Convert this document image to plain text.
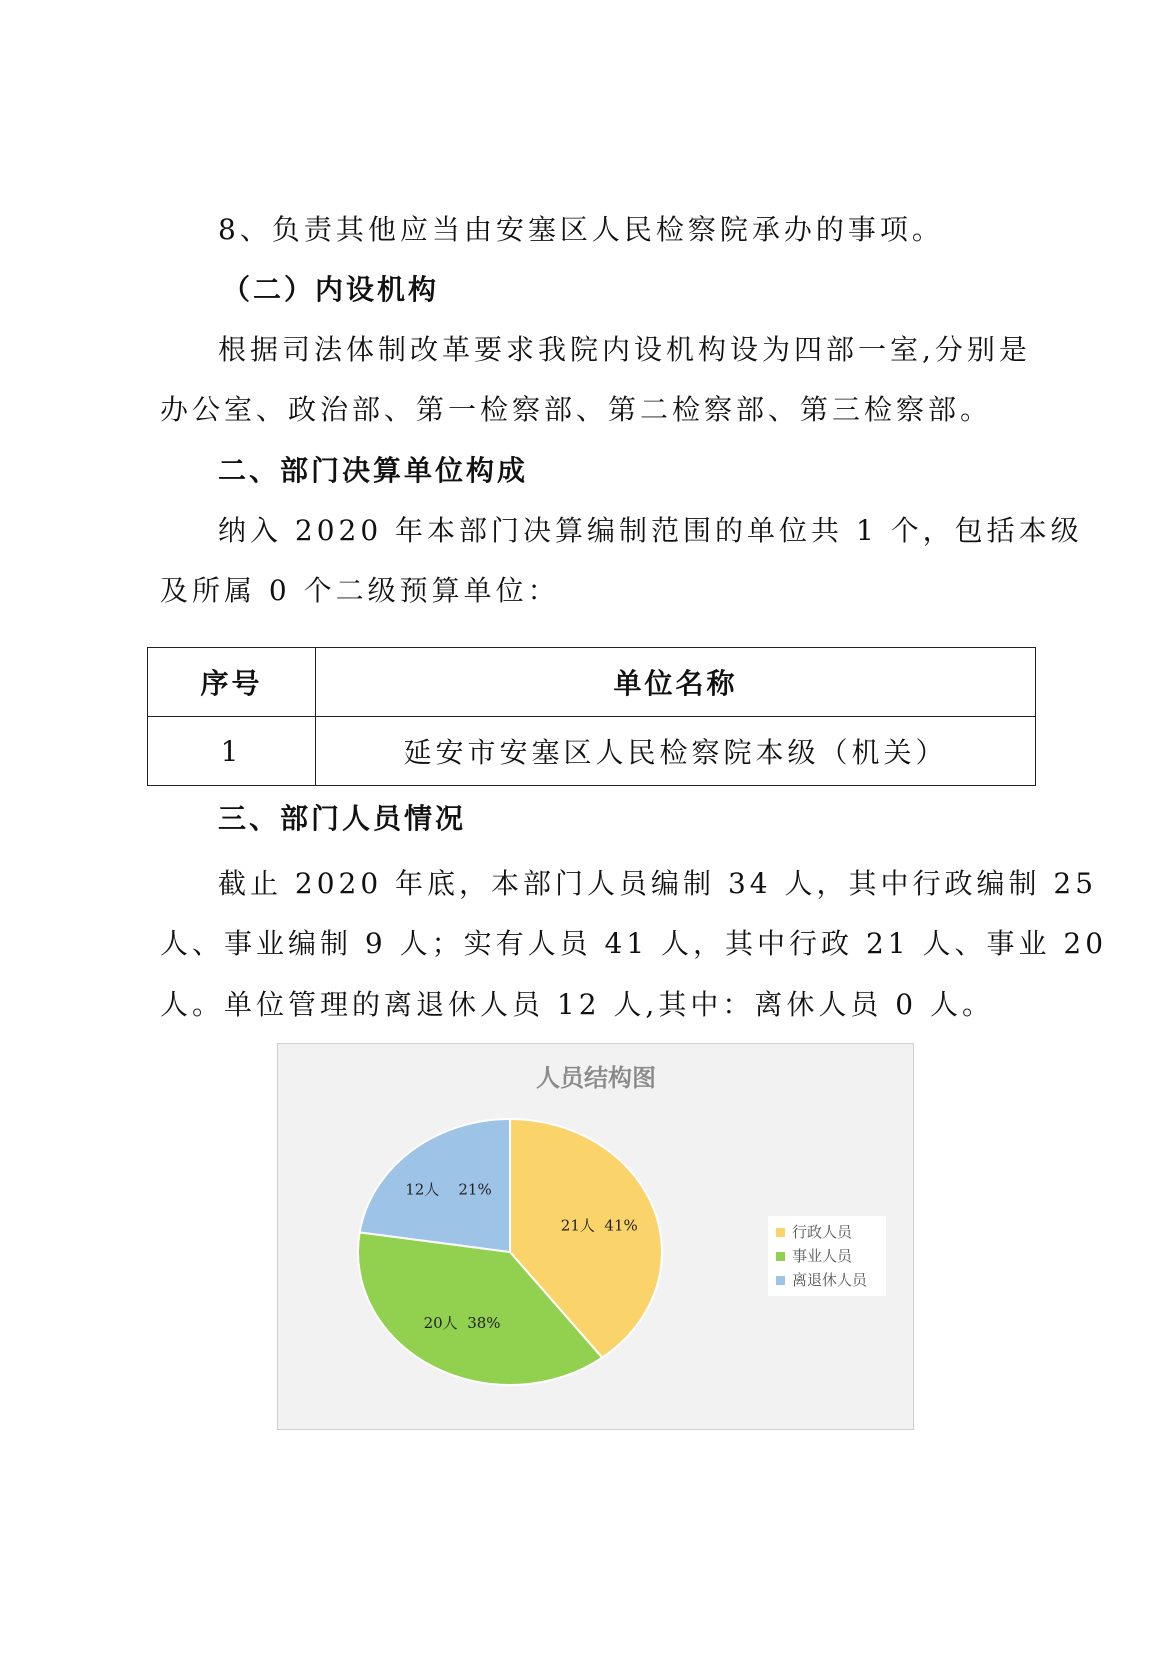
8、负责其他应当由安塞区人民检察院承办的事项。
（二）内设机构
根据司法体制改革要求我院内设机构设为四部一室,分别是
办公室、政治部、第一检察部、第二检察部、第三检察部。
二、部门决算单位构成
纳入 2020 年本部门决算编制范围的单位共 1 个，包括本级
及所属 0 个二级预算单位：
序号	单位名称
1	延安市安塞区人民检察院本级（机关）
三、部门人员情况
截止 2020 年底，本部门人员编制 34 人，其中行政编制 25
人、事业编制 9 人；实有人员 41 人，其中行政 21 人、事业 20
人。单位管理的离退休人员 12 人,其中：离休人员 0 人。
人员结构图
21人  41%
20人  38%
12人    21%
行政人员
事业人员
离退休人员
